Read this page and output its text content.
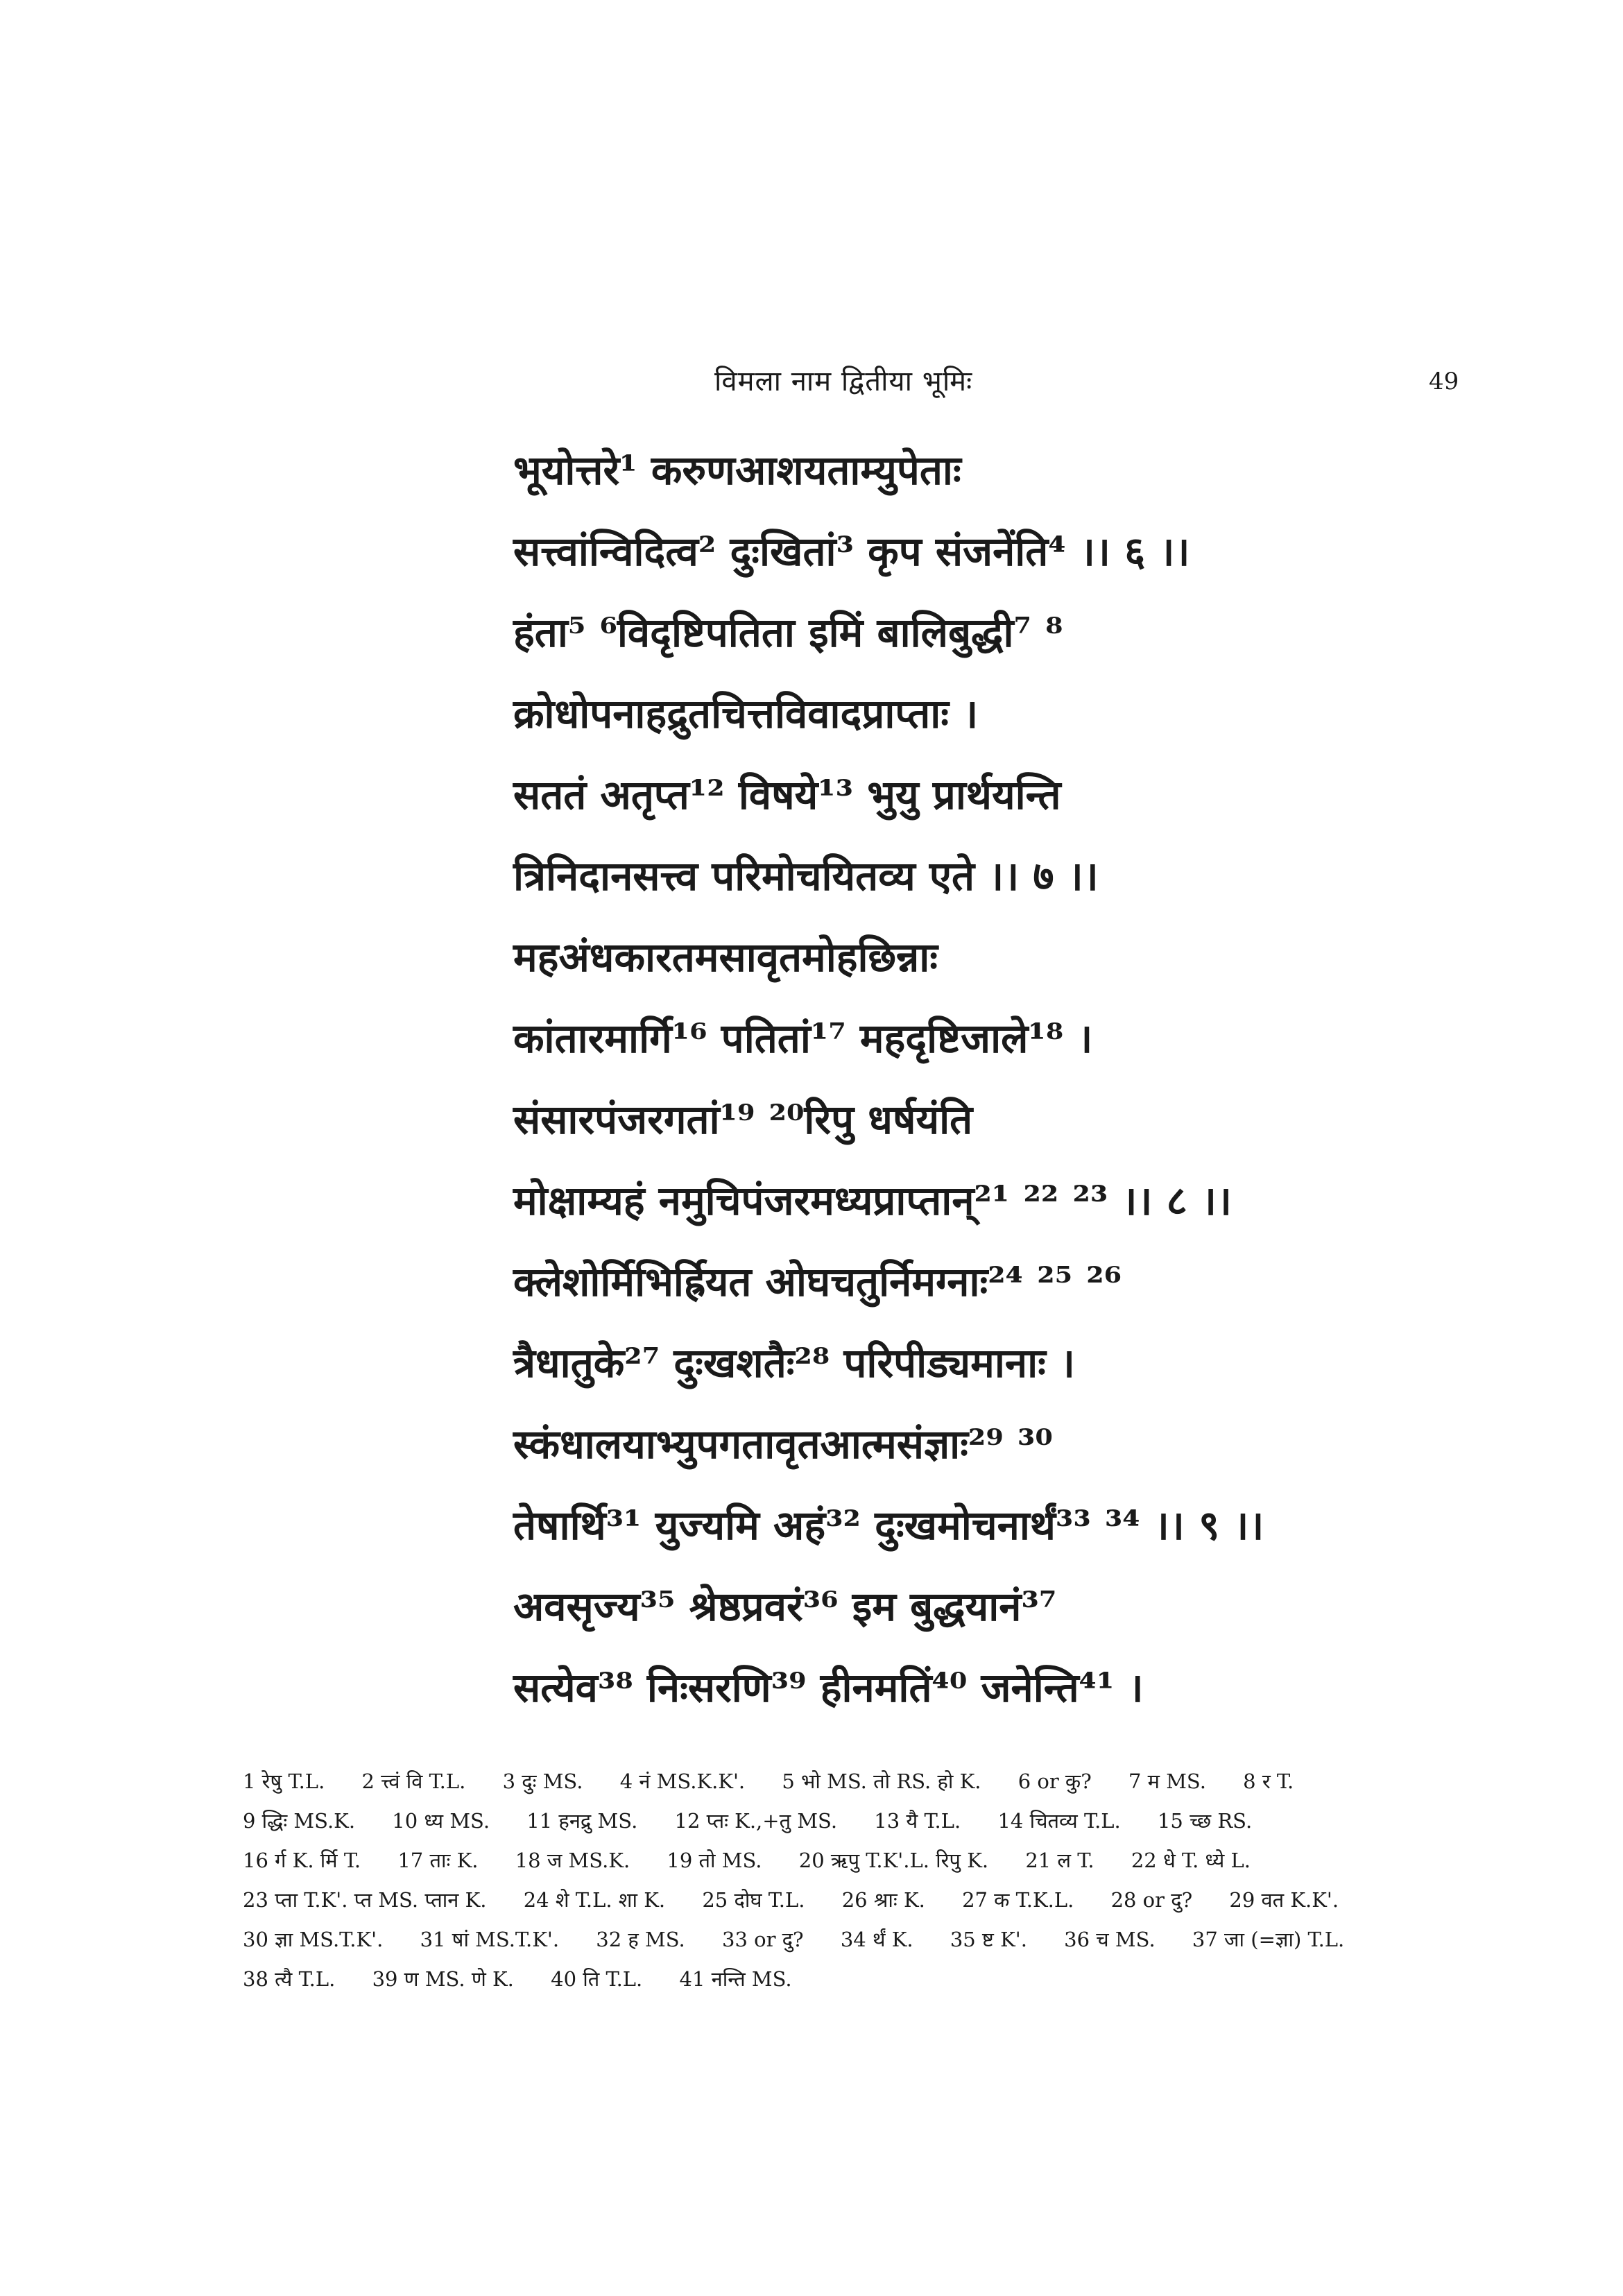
विमला नाम द्वितीया भूमिः	49
भूयोत्तरे¹ करुणआशयताम्युपेताः
सत्त्वांन्विदित्व² दुःखितां³ कृप संजनेंति⁴ ।। ६ ।।
हंता⁵ ⁶विदृष्टिपतिता इमिं बालिबुद्धी⁷ ⁸
क्रोधोपनाहद्रुतचित्तविवादप्राप्ताः ।
सततं अतृप्त¹² विषये¹³ भुयु प्रार्थयन्ति
त्रिनिदानसत्त्व परिमोचयितव्य एते ।। ७ ।।
महअंधकारतमसावृतमोहछिन्नाः
कांतारमार्गि¹⁶ पतितां¹⁷ महदृष्टिजाले¹⁸ ।
संसारपंजरगतां¹⁹ ²⁰रिपु धर्षयंति
मोक्षाम्यहं नमुचिपंजरमध्यप्राप्तान्²¹ ²² ²³ ।। ८ ।।
क्लेशोर्मिभिर्ह्रियत ओघचतुर्निमग्नाः²⁴ ²⁵ ²⁶
त्रैधातुके²⁷ दुःखशतैः²⁸ परिपीड्यमानाः ।
स्कंधालयाभ्युपगतावृतआत्मसंज्ञाः²⁹ ³⁰
तेषार्थि³¹ युज्यमि अहं³² दुःखमोचनार्थं³³ ³⁴ ।। ९ ।।
अवसृज्य³⁵ श्रेष्ठप्रवरं³⁶ इम बुद्धयानं³⁷
सत्येव³⁸ निःसरणि³⁹ हीनमतिं⁴⁰ जनेन्ति⁴¹ ।
1 रेषु T.L. 2 त्त्वं वि T.L. 3 दुः MS. 4 नं MS.K.K'. 5 भो MS. तो RS. हो K. 6 or कु? 7 म MS. 8 र T. 9 द्धिः MS.K. 10 ध्य MS. 11 हनद्रु MS. 12 प्तः K.,+तु MS. 13 यै T.L. 14 चितव्य T.L. 15 च्छ RS. 16 र्ग K. र्मि T. 17 ताः K. 18 ज MS.K. 19 तो MS. 20 ऋपु T.K'.L. रिपु K. 21 ल T. 22 धे T. ध्ये L. 23 प्ता T.K'. प्त MS. प्तान K. 24 शे T.L. शा K. 25 दोघ T.L. 26 श्राः K. 27 क T.K.L. 28 or दु? 29 वत K.K'. 30 ज्ञा MS.T.K'. 31 षां MS.T.K'. 32 ह MS. 33 or दु? 34 र्थं K. 35 ष्ट K'. 36 च MS. 37 जा (=ज्ञा) T.L. 38 त्यै T.L. 39 ण MS. णे K. 40 ति T.L. 41 नन्ति MS.
